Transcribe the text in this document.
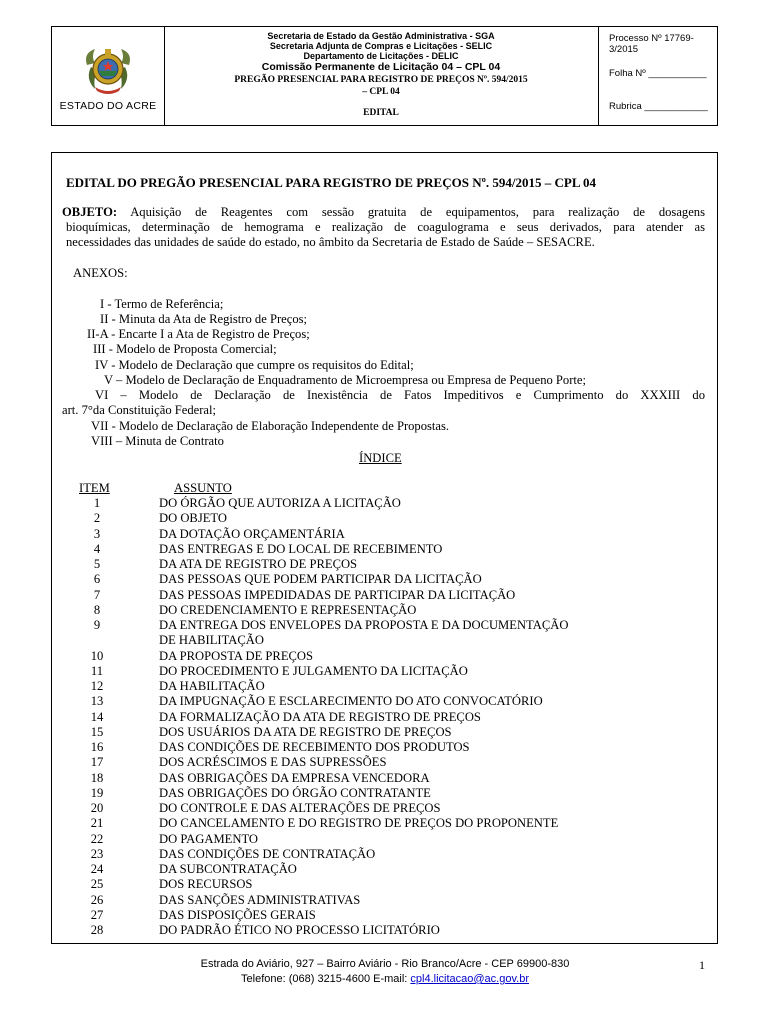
ESTADO DO ACRE
Secretaria de Estado da Gestão Administrativa - SGA
Secretaria Adjunta de Compras e Licitações - SELIC
Departamento de Licitações - DELIC
Comissão Permanente de Licitação 04 – CPL 04
PREGÃO PRESENCIAL PARA REGISTRO DE PREÇOS Nº. 594/2015
– CPL 04
EDITAL
Processo Nº 17769-3/2015
Folha Nº ___________
Rubrica ____________
EDITAL DO PREGÃO PRESENCIAL PARA REGISTRO DE PREÇOS Nº. 594/2015 – CPL 04
OBJETO: Aquisição de Reagentes com sessão gratuita de equipamentos, para realização de dosagens
bioquímicas, determinação de hemograma e realização de coagulograma e seus derivados, para atender as
necessidades das unidades de saúde do estado, no âmbito da Secretaria de Estado de Saúde – SESACRE.
ANEXOS:
I - Termo de Referência;
II - Minuta da Ata de Registro de Preços;
II-A - Encarte I a Ata de Registro de Preços;
III - Modelo de Proposta Comercial;
IV - Modelo de Declaração que cumpre os requisitos do Edital;
V – Modelo de Declaração de Enquadramento de Microempresa ou Empresa de Pequeno Porte;
VI – Modelo de Declaração de Inexistência de Fatos Impeditivos e Cumprimento do XXXIII do
art. 7°da Constituição Federal;
VII - Modelo de Declaração de Elaboração Independente de Propostas.
VIII – Minuta de Contrato
ÍNDICE
ITEM	ASSUNTO
1	DO ÓRGÃO QUE AUTORIZA A LICITAÇÃO
2	DO OBJETO
3	DA DOTAÇÃO ORÇAMENTÁRIA
4	DAS ENTREGAS E DO LOCAL DE RECEBIMENTO
5	DA ATA DE REGISTRO DE PREÇOS
6	DAS PESSOAS QUE PODEM PARTICIPAR DA LICITAÇÃO
7	DAS PESSOAS IMPEDIDADAS DE PARTICIPAR DA LICITAÇÃO
8	DO CREDENCIAMENTO E REPRESENTAÇÃO
9	DA ENTREGA DOS ENVELOPES DA PROPOSTA E DA DOCUMENTAÇÃO
DE HABILITAÇÃO
10	DA PROPOSTA DE PREÇOS
11	DO PROCEDIMENTO E JULGAMENTO DA LICITAÇÃO
12	DA HABILITAÇÃO
13	DA IMPUGNAÇÃO E ESCLARECIMENTO DO ATO CONVOCATÓRIO
14	DA FORMALIZAÇÃO DA ATA DE REGISTRO DE PREÇOS
15	DOS USUÁRIOS DA ATA DE REGISTRO DE PREÇOS
16	DAS CONDIÇÕES DE RECEBIMENTO DOS PRODUTOS
17	DOS ACRÉSCIMOS E DAS SUPRESSÕES
18	DAS OBRIGAÇÕES DA EMPRESA VENCEDORA
19	DAS OBRIGAÇÕES DO ÓRGÃO CONTRATANTE
20	DO CONTROLE E DAS ALTERAÇÕES DE PREÇOS
21	DO CANCELAMENTO E DO REGISTRO DE PREÇOS DO PROPONENTE
22	DO PAGAMENTO
23	DAS CONDIÇÕES DE CONTRATAÇÃO
24	DA SUBCONTRATAÇÃO
25	DOS RECURSOS
26	DAS SANÇÕES ADMINISTRATIVAS
27	DAS DISPOSIÇÕES GERAIS
28	DO PADRÃO ÉTICO NO PROCESSO LICITATÓRIO
Estrada do Aviário, 927 – Bairro Aviário - Rio Branco/Acre - CEP 69900-830
Telefone: (068) 3215-4600 E-mail: cpl4.licitacao@ac.gov.br
1
